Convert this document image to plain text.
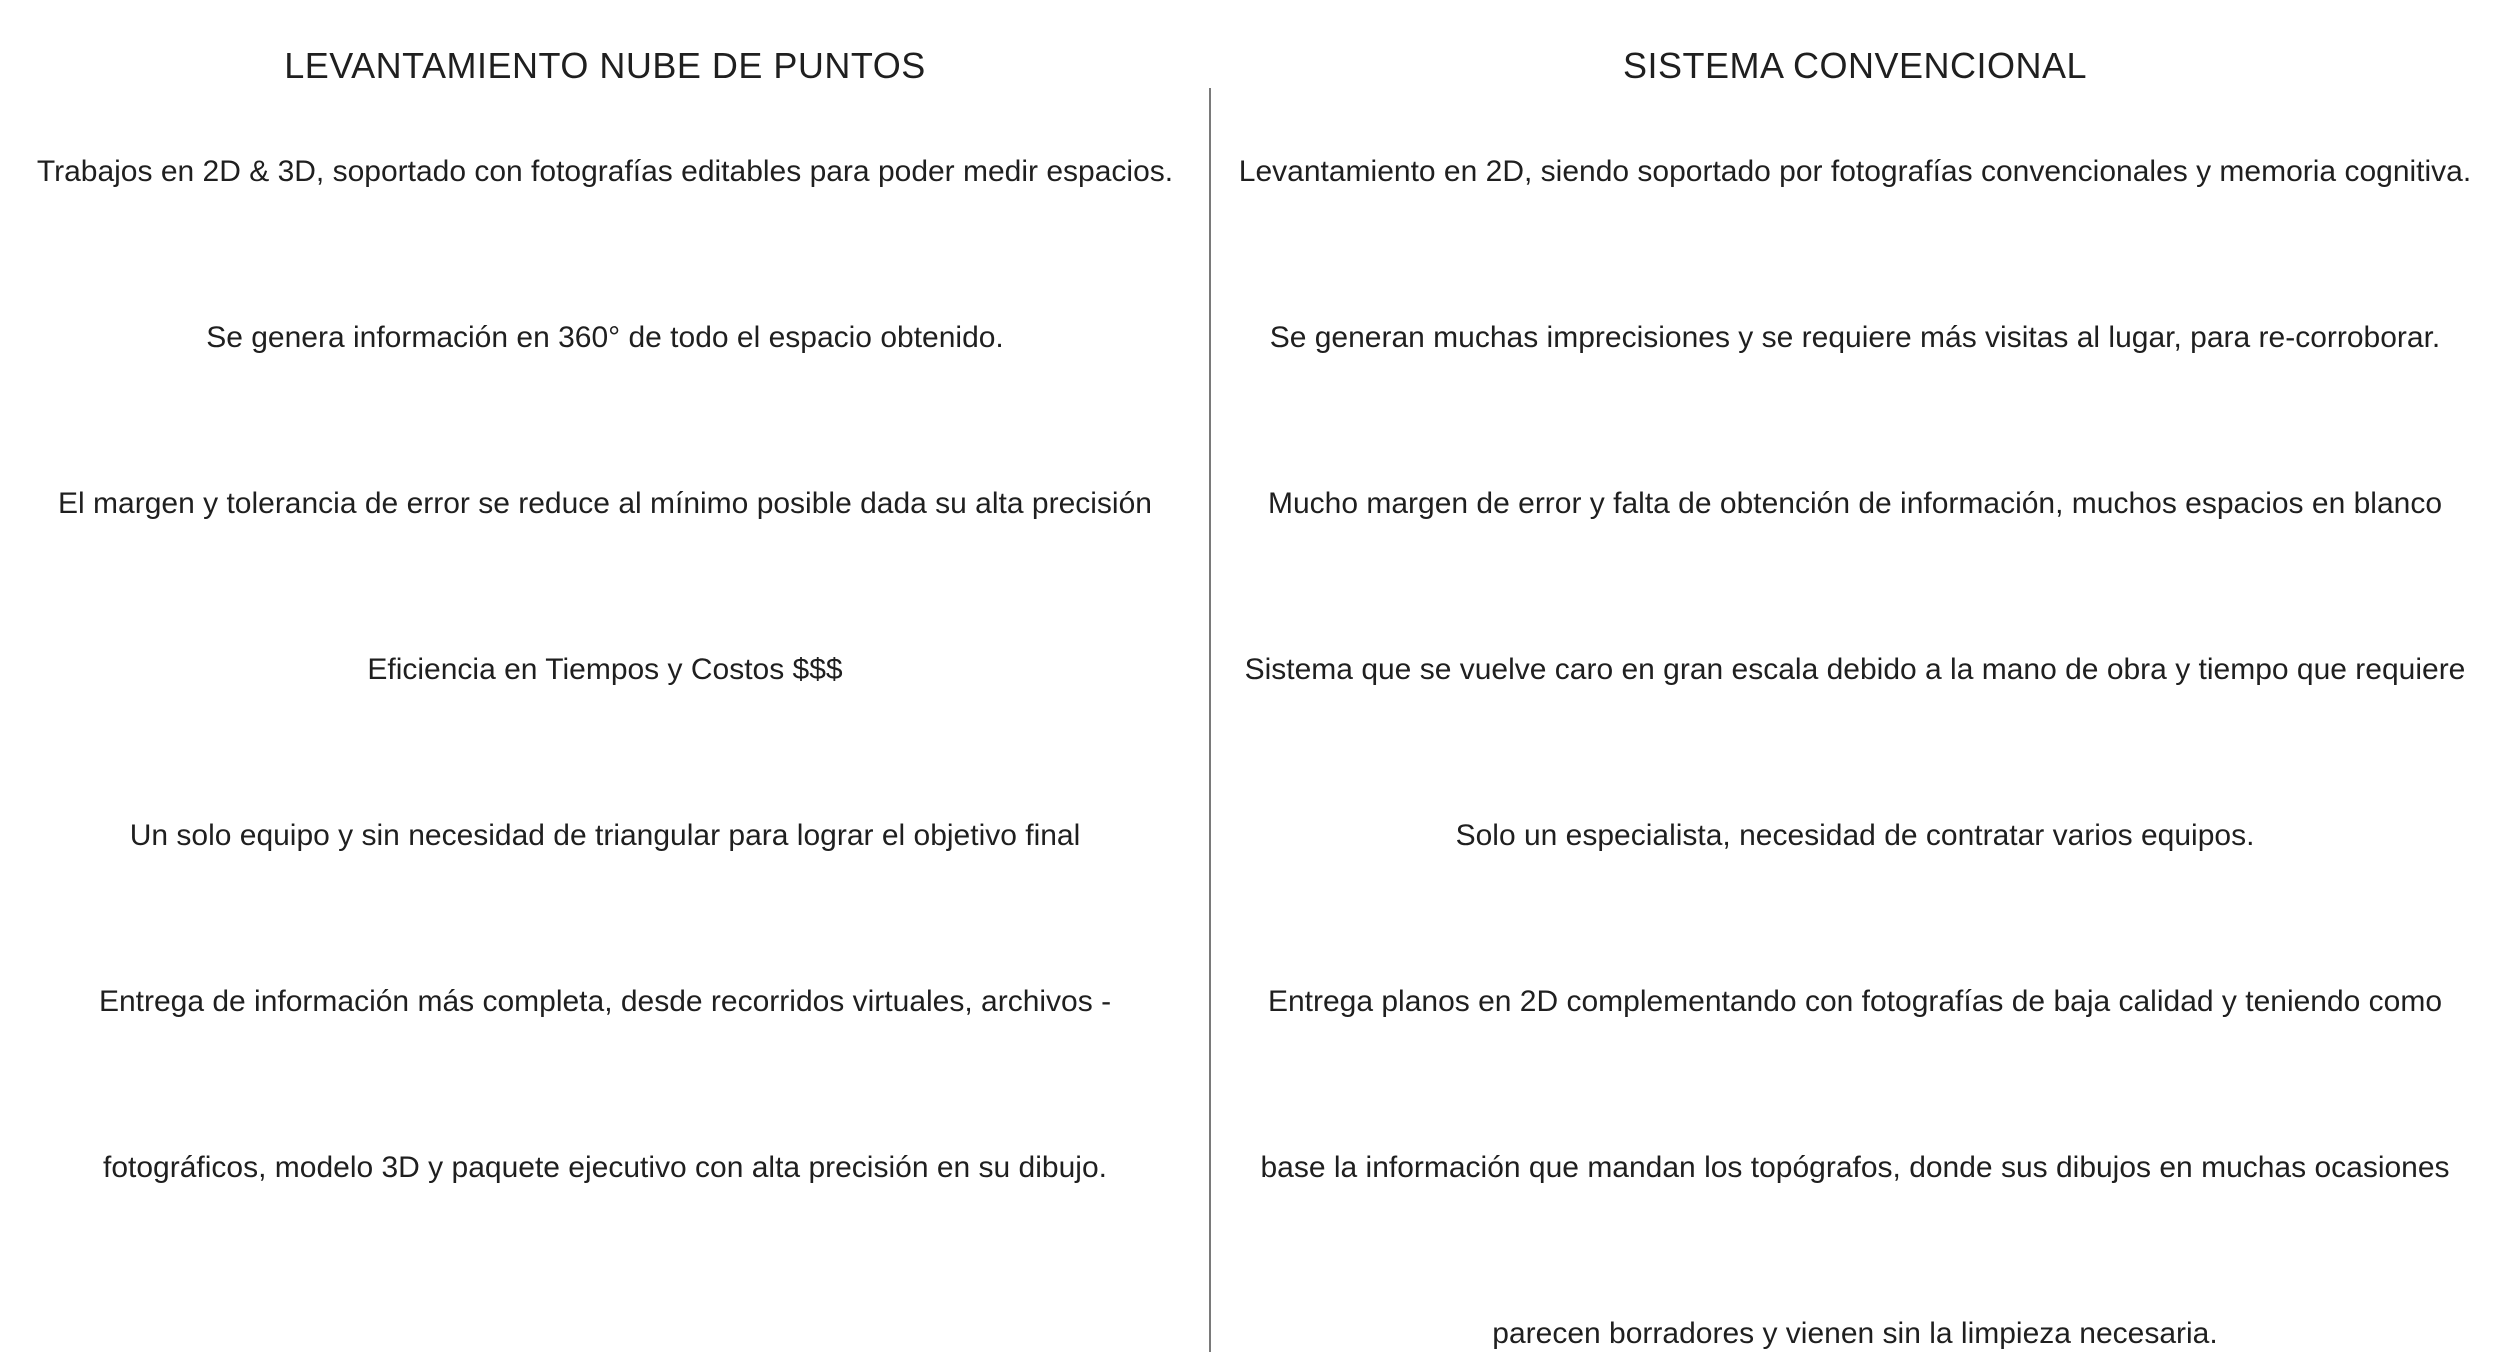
LEVANTAMIENTO NUBE DE PUNTOS
Trabajos en 2D & 3D, soportado con fotografías editables para poder medir espacios.
Se genera información en 360° de todo el espacio obtenido.
El margen y tolerancia de error se reduce al mínimo posible dada su alta precisión
Eficiencia en Tiempos y Costos $$$
Un solo equipo y sin necesidad de triangular para lograr el objetivo final
Entrega de información más completa, desde recorridos virtuales, archivos -
fotográficos, modelo 3D y paquete ejecutivo con alta precisión en su dibujo.
SISTEMA CONVENCIONAL
Levantamiento en 2D, siendo soportado por fotografías convencionales y memoria cognitiva.
Se generan muchas imprecisiones y se requiere más visitas al lugar, para re-corroborar.
Mucho margen de error y falta de obtención de información, muchos espacios en blanco
Sistema que se vuelve caro en gran escala debido a la mano de obra y tiempo que requiere
Solo un especialista, necesidad de contratar varios equipos.
Entrega planos en 2D complementando con fotografías de baja calidad y teniendo como
base la información que mandan los topógrafos, donde sus dibujos en muchas ocasiones
parecen borradores y vienen sin la limpieza necesaria.
